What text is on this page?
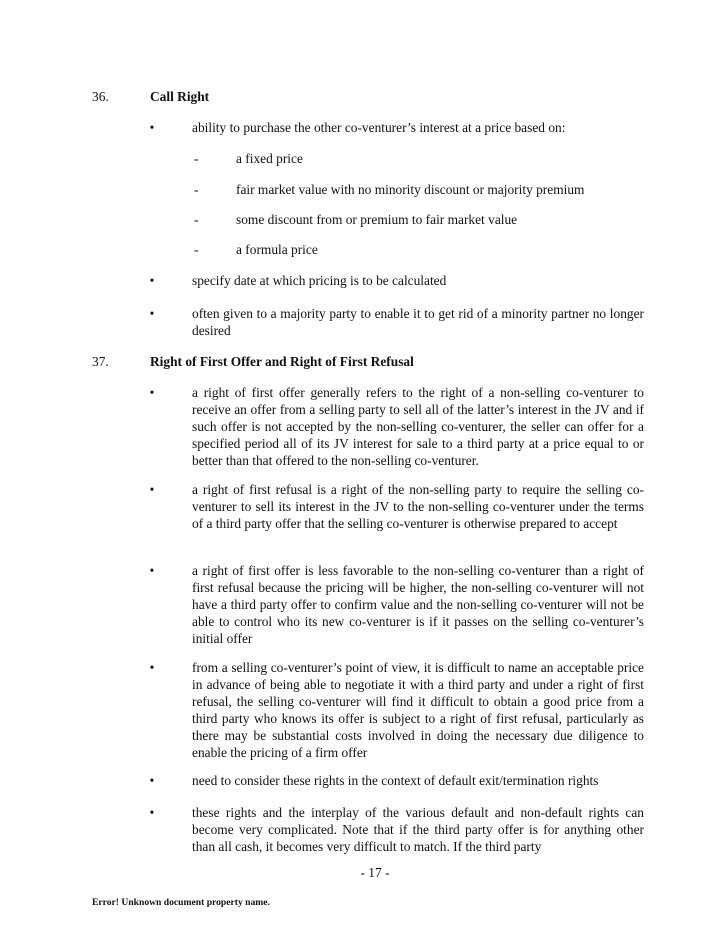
36.	Call Right
•	ability to purchase the other co-venturer’s interest at a price based on:
-	a fixed price
-	fair market value with no minority discount or majority premium
-	some discount from or premium to fair market value
-	a formula price
•	specify date at which pricing is to be calculated
•	often given to a majority party to enable it to get rid of a minority partner no longer desired
37.	Right of First Offer and Right of First Refusal
•	a right of first offer generally refers to the right of a non-selling co-venturer to receive an offer from a selling party to sell all of the latter’s interest in the JV and if such offer is not accepted by the non-selling co-venturer, the seller can offer for a specified period all of its JV interest for sale to a third party at a price equal to or better than that offered to the non-selling co-venturer.
•	a right of first refusal is a right of the non-selling party to require the selling co-venturer to sell its interest in the JV to the non-selling co-venturer under the terms of a third party offer that the selling co-venturer is otherwise prepared to accept
•	a right of first offer is less favorable to the non-selling co-venturer than a right of first refusal because the pricing will be higher, the non-selling co-venturer will not have a third party offer to confirm value and the non-selling co-venturer will not be able to control who its new co-venturer is if it passes on the selling co-venturer’s initial offer
•	from a selling co-venturer’s point of view, it is difficult to name an acceptable price in advance of being able to negotiate it with a third party and under a right of first refusal, the selling co-venturer will find it difficult to obtain a good price from a third party who knows its offer is subject to a right of first refusal, particularly as there may be substantial costs involved in doing the necessary due diligence to enable the pricing of a firm offer
•	need to consider these rights in the context of default exit/termination rights
•	these rights and the interplay of the various default and non-default rights can become very complicated. Note that if the third party offer is for anything other than all cash, it becomes very difficult to match. If the third party
- 17 -
Error! Unknown document property name.
